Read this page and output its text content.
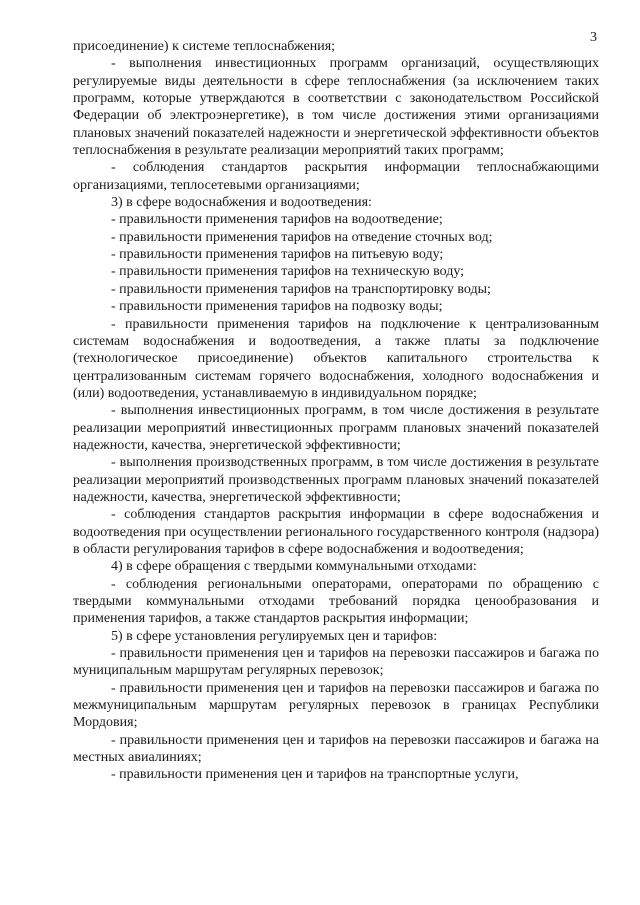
3

присоединение) к системе теплоснабжения;

- выполнения инвестиционных программ организаций, осуществляющих регулируемые виды деятельности в сфере теплоснабжения (за исключением таких программ, которые утверждаются в соответствии с законодательством Российской Федерации об электроэнергетике), в том числе достижения этими организациями плановых значений показателей надежности и энергетической эффективности объектов теплоснабжения в результате реализации мероприятий таких программ;

- соблюдения стандартов раскрытия информации теплоснабжающими организациями, теплосетевыми организациями;

3) в сфере водоснабжения и водоотведения:

- правильности применения тарифов на водоотведение;

- правильности применения тарифов на отведение сточных вод;

- правильности применения тарифов на питьевую воду;

- правильности применения тарифов на техническую воду;

- правильности применения тарифов на транспортировку воды;

- правильности применения тарифов на подвозку воды;

- правильности применения тарифов на подключение к централизованным системам водоснабжения и водоотведения, а также платы за подключение (технологическое присоединение) объектов капитального строительства к централизованным системам горячего водоснабжения, холодного водоснабжения и (или) водоотведения, устанавливаемую в индивидуальном порядке;

- выполнения инвестиционных программ, в том числе достижения в результате реализации мероприятий инвестиционных программ плановых значений показателей надежности, качества, энергетической эффективности;

- выполнения производственных программ, в том числе достижения в результате реализации мероприятий производственных программ плановых значений показателей надежности, качества, энергетической эффективности;

- соблюдения стандартов раскрытия информации в сфере водоснабжения и водоотведения при осуществлении регионального государственного контроля (надзора) в области регулирования тарифов в сфере водоснабжения и водоотведения;

4) в сфере обращения с твердыми коммунальными отходами:

- соблюдения региональными операторами, операторами по обращению с твердыми коммунальными отходами требований порядка ценообразования и применения тарифов, а также стандартов раскрытия информации;

5) в сфере установления регулируемых цен и тарифов:

- правильности применения цен и тарифов на перевозки пассажиров и багажа по муниципальным маршрутам регулярных перевозок;

- правильности применения цен и тарифов на перевозки пассажиров и багажа по межмуниципальным маршрутам регулярных перевозок в границах Республики Мордовия;

- правильности применения цен и тарифов на перевозки пассажиров и багажа на местных авиалиниях;

- правильности применения цен и тарифов на транспортные услуги,
